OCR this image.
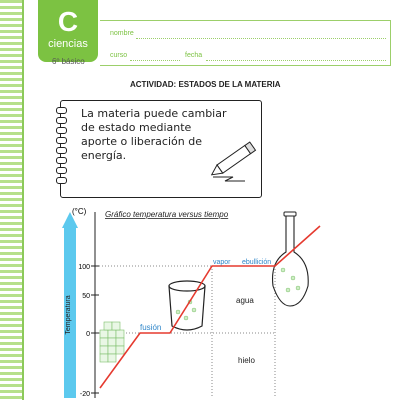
C
ciencias
6º básico
nombre
curso	fecha
ACTIVIDAD: ESTADOS DE LA MATERIA
La materia puede cambiar
de estado mediante
aporte o liberación de
energía.
Temperatura
(°C)
100
50
0
-20
Gráfico temperatura versus tiempo
fusión
vapor ebullición
agua
hielo
